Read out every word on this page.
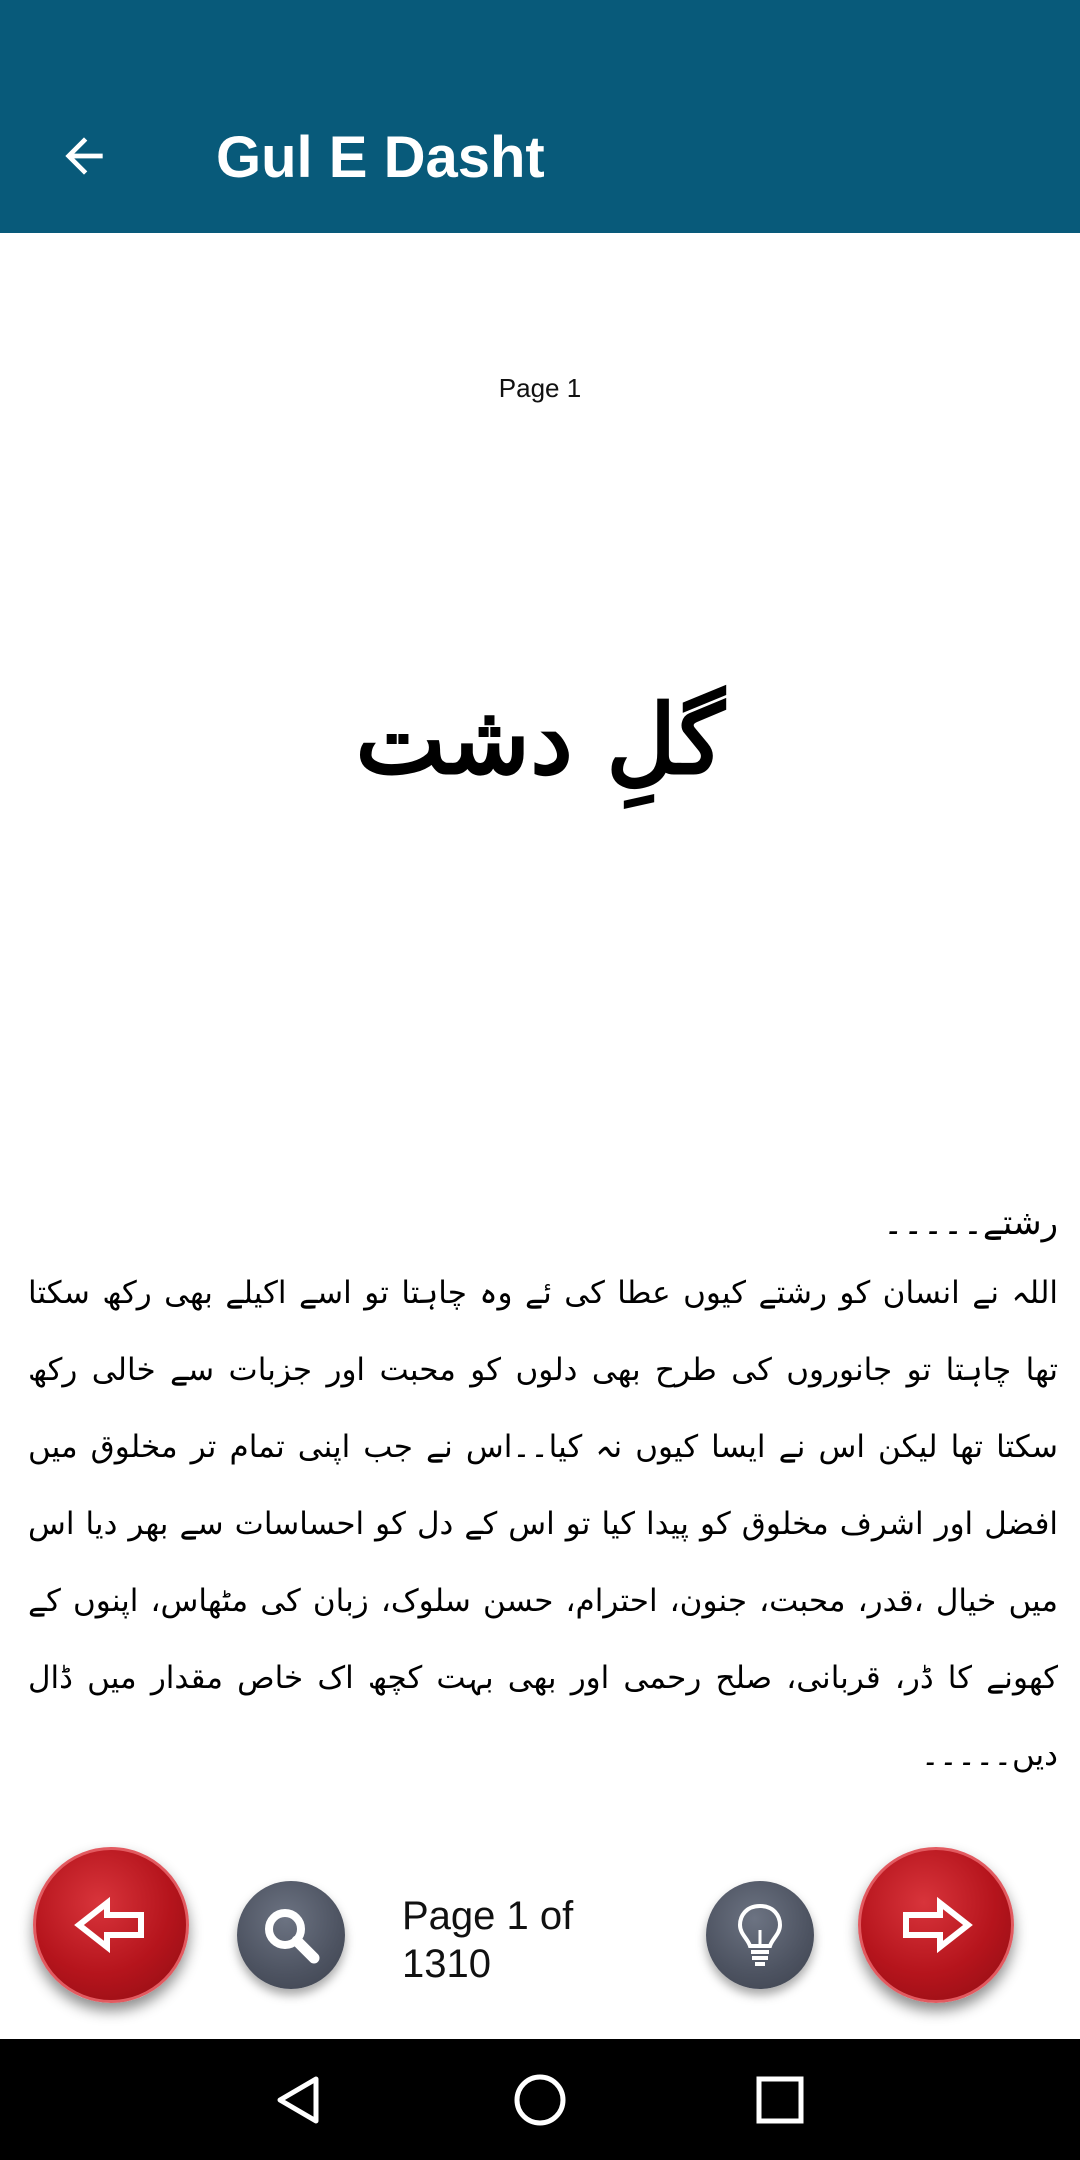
Gul E Dasht
Page 1
گلِ دشت
رشتے۔۔۔۔۔
اللہ نے انسان کو رشتے کیوں عطا کی ئے وہ چاہتا تو اسے اکیلے بھی رکھ سکتا تھا چاہتا تو جانوروں کی طرح بھی دلوں کو محبت اور جزبات سے خالی رکھ سکتا تھا لیکن اس نے ایسا کیوں نہ کیا۔۔اس نے جب اپنی تمام تر مخلوق میں افضل اور اشرف مخلوق کو پیدا کیا تو اس کے دل کو احساسات سے بھر دیا اس میں خیال ،قدر، محبت، جنون، احترام، حسن سلوک، زبان کی مٹھاس، اپنوں کے کھونے کا ڈر، قربانی، صلح رحمی اور بھی بہت کچھ اک خاص مقدار میں ڈال دیں۔۔۔۔۔
Page 1 of 1310
